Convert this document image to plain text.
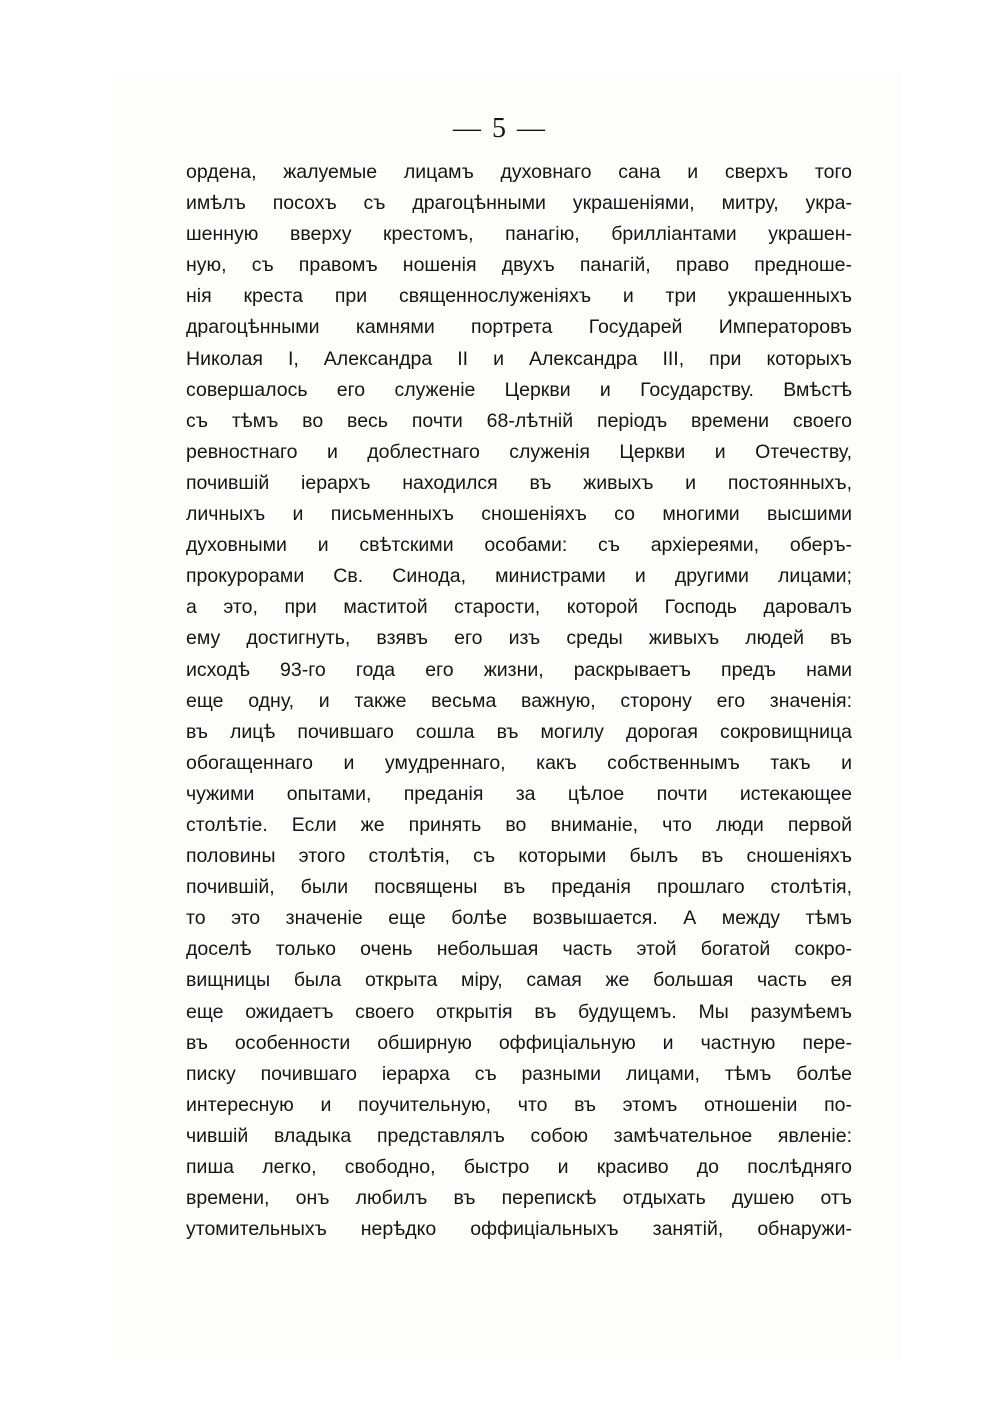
— 5 —
ордена, жалуемые лицамъ духовнаго сана и сверхъ того
имѣлъ посохъ съ драгоцѣнными украшеніями, митру, укра-
шенную вверху крестомъ, панагію, бриллiантами украшен-
ную, съ правомъ ношенія двухъ панагій, право предноше-
нія креста при священнослуженіяхъ и три украшенныхъ
драгоцѣнными камнями портрета Государей Императоровъ
Николая I, Александра II и Александра III, при которыхъ
совершалось его служеніе Церкви и Государству. Вмѣстѣ
съ тѣмъ во весь почти 68-лѣтній періодъ времени своего
ревностнаго и доблестнаго служенія Церкви и Отечеству,
почившій iерархъ находился въ живыхъ и постоянныхъ,
личныхъ и письменныхъ сношеніяхъ со многими высшими
духовными и свѣтскими особами: съ архіереями, оберъ-
прокурорами Св. Синода, министрами и другими лицами;
а это, при маститой старости, которой Господь даровалъ
ему достигнуть, взявъ его изъ среды живыхъ людей въ
исходѣ 93-го года его жизни, раскрываетъ предъ нами
еще одну, и также весьма важную, сторону его значенія:
въ лицѣ почившаго сошла въ могилу дорогая сокровищница
обогащеннаго и умудреннаго, какъ собственнымъ такъ и
чужими опытами, преданія за цѣлое почти истекающее
столѣтіе. Если же принять во вниманіе, что люди первой
половины этого столѣтія, съ которыми былъ въ сношеніяхъ
почившій, были посвящены въ преданія прошлаго столѣтія,
то это значеніе еще болѣе возвышается. А между тѣмъ
доселѣ только очень небольшая часть этой богатой сокро-
вищницы была открыта міру, самая же большая часть ея
еще ожидаетъ своего открытія въ будущемъ. Мы разумѣемъ
въ особенности обширную оффиціальную и частную пере-
писку почившаго iерарха съ разными лицами, тѣмъ болѣе
интересную и поучительную, что въ этомъ отношеніи по-
чившій владыка представлялъ собою замѣчательное явленіе:
пиша легко, свободно, быстро и красиво до послѣдняго
времени, онъ любилъ въ перепискѣ отдыхать душею отъ
утомительныхъ нерѣдко оффиціальныхъ занятій, обнаружи-
